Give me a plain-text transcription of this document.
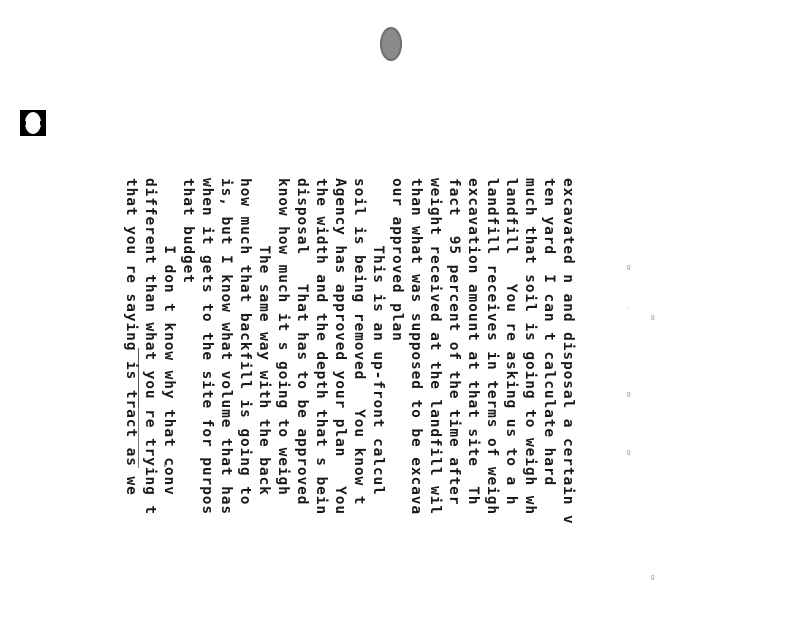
º
º
·
º
º
º
excavated n and disposal a certain v
ten yard  I can t calculate hard
much that soil is going to weigh wh
landfill   You re asking us to a h
landfill receives in terms of weigh
excavation amount at that site  Th
fact  95 percent of the time after
weight received at the landfill wil
than what was supposed to be excava
our approved plan
This is an up-front calcul
soil is being removed   You know t
Agency has approved your plan   You
the width and the depth that s bein
disposal   That has to be approved
know how much it s going to weigh
The same way with the back
how much that backfill is going to
is, but I know what volume that has
when it gets to the site for purpos
that budget
I don t know why that conv
different than what you re trying t
that you re saying is tract as we
